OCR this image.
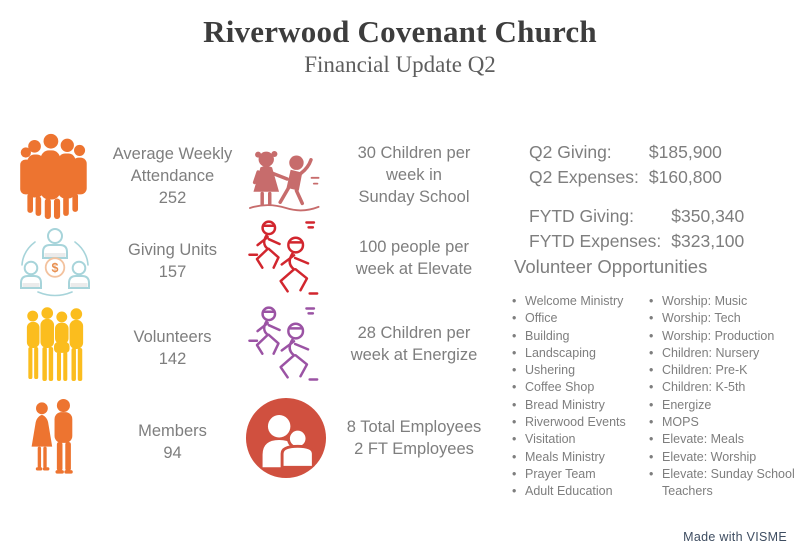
Riverwood Covenant Church
Financial Update Q2
Average Weekly
Attendance
252
$
Giving Units
157
Volunteers
142
Members
94
30 Children per
week in
Sunday School
100 people per
week at Elevate
28 Children per
week at Energize
8 Total Employees
2 FT Employees
Q2 Giving:	$185,900
Q2 Expenses: $160,800
FYTD Giving:	$350,340
FYTD Expenses: $323,100
Volunteer Opportunities
• Welcome Ministry
• Office
• Building
• Landscaping
• Ushering
• Coffee Shop
• Bread Ministry
• Riverwood Events
• Visitation
• Meals Ministry
• Prayer Team
• Adult Education
• Worship: Music
• Worship: Tech
• Worship: Production
• Children: Nursery
• Children: Pre-K
• Children: K-5th
• Energize
• MOPS
• Elevate: Meals
• Elevate: Worship
• Elevate: Sunday School Teachers
Made with VISME
